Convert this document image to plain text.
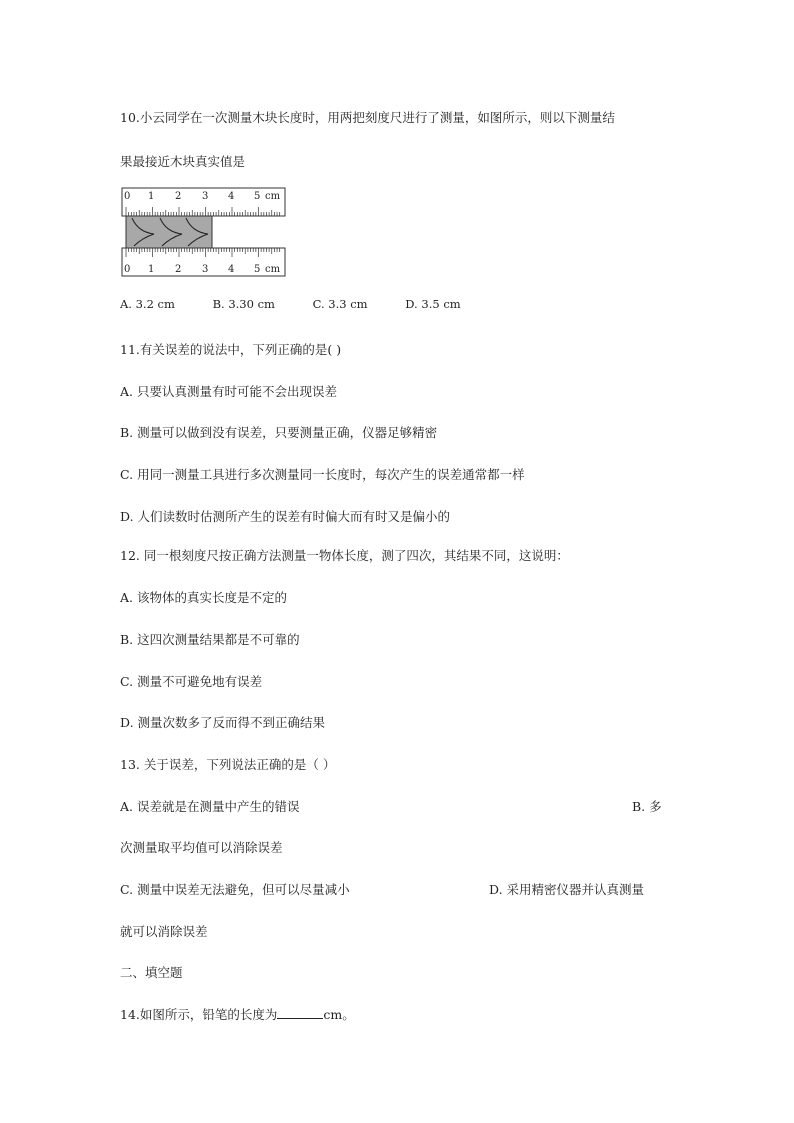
10.小云同学在一次测量木块长度时，用两把刻度尺进行了测量，如图所示，则以下测量结
果最接近木块真实值是
0 1 2 3 4 5 cm
0 1 2 3 4 5 cm
A. 3.2 cm	B. 3.30 cm	C. 3.3 cm	D. 3.5 cm
11.有关误差的说法中，下列正确的是( )
A. 只要认真测量有时可能不会出现误差
B. 测量可以做到没有误差，只要测量正确，仪器足够精密
C. 用同一测量工具进行多次测量同一长度时，每次产生的误差通常都一样
D. 人们读数时估测所产生的误差有时偏大而有时又是偏小的
12. 同一根刻度尺按正确方法测量一物体长度，测了四次，其结果不同，这说明：
A. 该物体的真实长度是不定的
B. 这四次测量结果都是不可靠的
C. 测量不可避免地有误差
D. 测量次数多了反而得不到正确结果
13. 关于误差，下列说法正确的是（ ）
A. 误差就是在测量中产生的错误	B. 多
次测量取平均值可以消除误差
C. 测量中误差无法避免，但可以尽量减小	D. 采用精密仪器并认真测量
就可以消除误差
二、填空题
14.如图所示，铅笔的长度为	cm。
